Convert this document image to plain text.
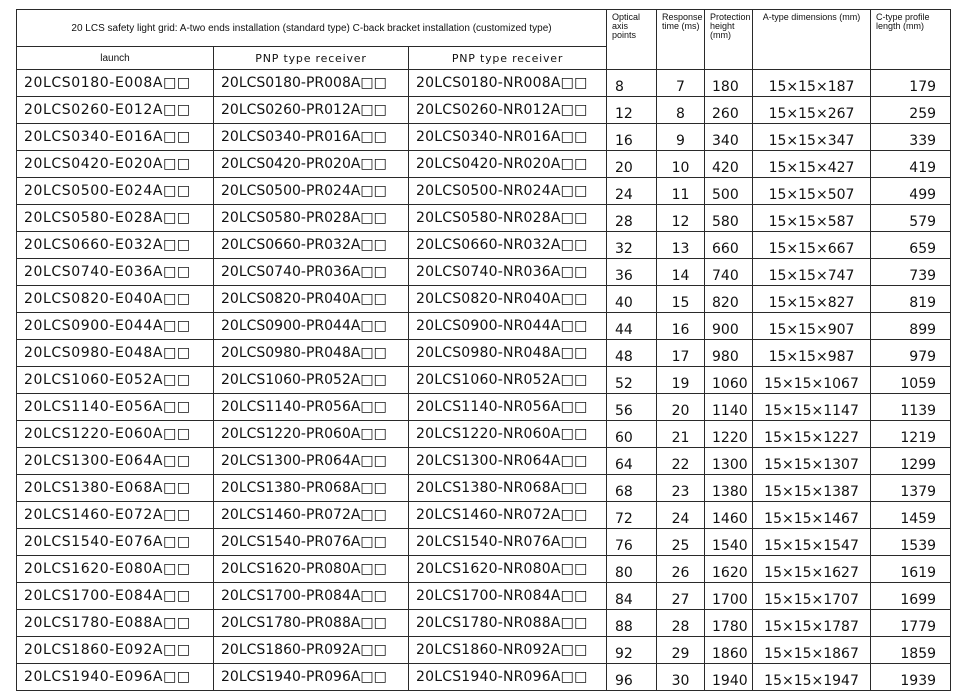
20 LCS safety light grid: A-two ends installation (standard type) C-back bracket installation (customized type)			Optical axis points	Response time (ms)	Protection height (mm)	A-type dimensions (mm)	C-type profile length (mm)
launch	PNP type receiver	PNP type receiver					
20LCS0180-E008A□□	20LCS0180-PR008A□□	20LCS0180-NR008A□□	8	7	180	15×15×187	179
20LCS0260-E012A□□	20LCS0260-PR012A□□	20LCS0260-NR012A□□	12	8	260	15×15×267	259
20LCS0340-E016A□□	20LCS0340-PR016A□□	20LCS0340-NR016A□□	16	9	340	15×15×347	339
20LCS0420-E020A□□	20LCS0420-PR020A□□	20LCS0420-NR020A□□	20	10	420	15×15×427	419
20LCS0500-E024A□□	20LCS0500-PR024A□□	20LCS0500-NR024A□□	24	11	500	15×15×507	499
20LCS0580-E028A□□	20LCS0580-PR028A□□	20LCS0580-NR028A□□	28	12	580	15×15×587	579
20LCS0660-E032A□□	20LCS0660-PR032A□□	20LCS0660-NR032A□□	32	13	660	15×15×667	659
20LCS0740-E036A□□	20LCS0740-PR036A□□	20LCS0740-NR036A□□	36	14	740	15×15×747	739
20LCS0820-E040A□□	20LCS0820-PR040A□□	20LCS0820-NR040A□□	40	15	820	15×15×827	819
20LCS0900-E044A□□	20LCS0900-PR044A□□	20LCS0900-NR044A□□	44	16	900	15×15×907	899
20LCS0980-E048A□□	20LCS0980-PR048A□□	20LCS0980-NR048A□□	48	17	980	15×15×987	979
20LCS1060-E052A□□	20LCS1060-PR052A□□	20LCS1060-NR052A□□	52	19	1060	15×15×1067	1059
20LCS1140-E056A□□	20LCS1140-PR056A□□	20LCS1140-NR056A□□	56	20	1140	15×15×1147	1139
20LCS1220-E060A□□	20LCS1220-PR060A□□	20LCS1220-NR060A□□	60	21	1220	15×15×1227	1219
20LCS1300-E064A□□	20LCS1300-PR064A□□	20LCS1300-NR064A□□	64	22	1300	15×15×1307	1299
20LCS1380-E068A□□	20LCS1380-PR068A□□	20LCS1380-NR068A□□	68	23	1380	15×15×1387	1379
20LCS1460-E072A□□	20LCS1460-PR072A□□	20LCS1460-NR072A□□	72	24	1460	15×15×1467	1459
20LCS1540-E076A□□	20LCS1540-PR076A□□	20LCS1540-NR076A□□	76	25	1540	15×15×1547	1539
20LCS1620-E080A□□	20LCS1620-PR080A□□	20LCS1620-NR080A□□	80	26	1620	15×15×1627	1619
20LCS1700-E084A□□	20LCS1700-PR084A□□	20LCS1700-NR084A□□	84	27	1700	15×15×1707	1699
20LCS1780-E088A□□	20LCS1780-PR088A□□	20LCS1780-NR088A□□	88	28	1780	15×15×1787	1779
20LCS1860-E092A□□	20LCS1860-PR092A□□	20LCS1860-NR092A□□	92	29	1860	15×15×1867	1859
20LCS1940-E096A□□	20LCS1940-PR096A□□	20LCS1940-NR096A□□	96	30	1940	15×15×1947	1939
